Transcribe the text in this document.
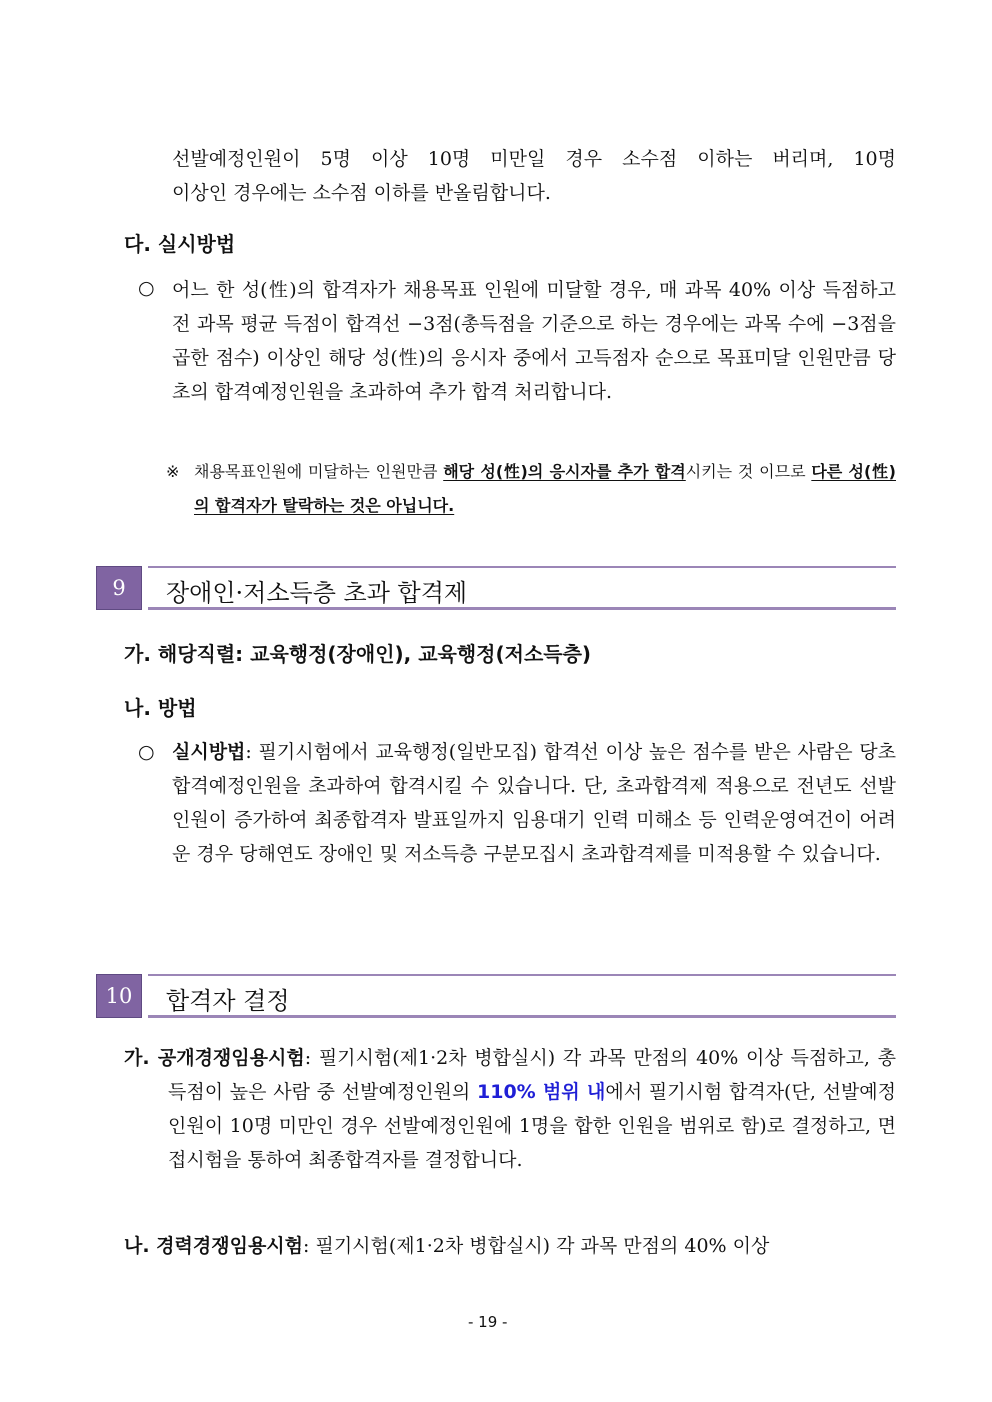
선발예정인원이 5명 이상 10명 미만일 경우 소수점 이하는 버리며, 10명
이상인 경우에는 소수점 이하를 반올림합니다.
다. 실시방법
○ 어느 한 성(性)의 합격자가 채용목표 인원에 미달할 경우, 매 과목 40% 이상 득점하고 전 과목 평균 득점이 합격선 −3점(총득점을 기준으로 하는 경우에는 과목 수에 −3점을 곱한 점수) 이상인 해당 성(性)의 응시자 중에서 고득점자 순으로 목표미달 인원만큼 당초의 합격예정인원을 초과하여 추가 합격 처리합니다.
※ 채용목표인원에 미달하는 인원만큼 해당 성(性)의 응시자를 추가 합격시키는 것 이므로 다른 성(性)의 합격자가 탈락하는 것은 아닙니다.
9	장애인·저소득층 초과 합격제
가. 해당직렬: 교육행정(장애인), 교육행정(저소득층)
나. 방법
○ 실시방법: 필기시험에서 교육행정(일반모집) 합격선 이상 높은 점수를 받은 사람은 당초 합격예정인원을 초과하여 합격시킬 수 있습니다. 단, 초과합격제 적용으로 전년도 선발인원이 증가하여 최종합격자 발표일까지 임용대기 인력 미해소 등 인력운영여건이 어려운 경우 당해연도 장애인 및 저소득층 구분모집시 초과합격제를 미적용할 수 있습니다.
10	합격자 결정
가. 공개경쟁임용시험: 필기시험(제1·2차 병합실시) 각 과목 만점의 40% 이상 득점하고, 총 득점이 높은 사람 중 선발예정인원의 110% 범위 내에서 필기시험 합격자(단, 선발예정인원이 10명 미만인 경우 선발예정인원에 1명을 합한 인원을 범위로 함)로 결정하고, 면접시험을 통하여 최종합격자를 결정합니다.
나. 경력경쟁임용시험: 필기시험(제1·2차 병합실시) 각 과목 만점의 40% 이상
- 19 -
